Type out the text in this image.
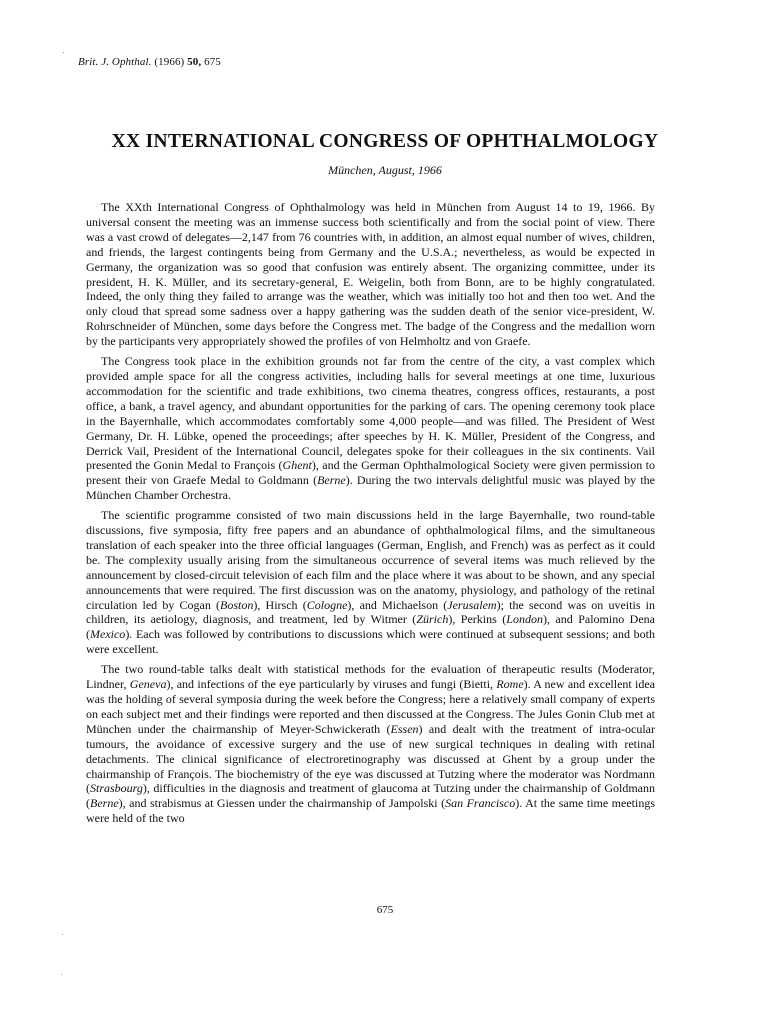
Brit. J. Ophthal. (1966) 50, 675
XX INTERNATIONAL CONGRESS OF OPHTHALMOLOGY
München, August, 1966

The XXth International Congress of Ophthalmology was held in München from August 14 to 19, 1966. By universal consent the meeting was an immense success both scientifically and from the social point of view. There was a vast crowd of delegates—2,147 from 76 countries with, in addition, an almost equal number of wives, children, and friends, the largest contingents being from Germany and the U.S.A.; nevertheless, as would be expected in Germany, the organization was so good that confusion was entirely absent. The organizing committee, under its president, H. K. Müller, and its secretary-general, E. Weigelin, both from Bonn, are to be highly congratulated. Indeed, the only thing they failed to arrange was the weather, which was initially too hot and then too wet. And the only cloud that spread some sadness over a happy gathering was the sudden death of the senior vice-president, W. Rohrschneider of München, some days before the Congress met. The badge of the Congress and the medallion worn by the participants very appropriately showed the profiles of von Helmholtz and von Graefe.

The Congress took place in the exhibition grounds not far from the centre of the city, a vast complex which provided ample space for all the congress activities, including halls for several meetings at one time, luxurious accommodation for the scientific and trade exhibitions, two cinema theatres, congress offices, restaurants, a post office, a bank, a travel agency, and abundant opportunities for the parking of cars. The opening ceremony took place in the Bayernhalle, which accommodates comfortably some 4,000 people—and was filled. The President of West Germany, Dr. H. Lübke, opened the proceedings; after speeches by H. K. Müller, President of the Congress, and Derrick Vail, President of the International Council, delegates spoke for their colleagues in the six continents. Vail presented the Gonin Medal to François (Ghent), and the German Ophthalmological Society were given permission to present their von Graefe Medal to Goldmann (Berne). During the two intervals delightful music was played by the München Chamber Orchestra.

The scientific programme consisted of two main discussions held in the large Bayernhalle, two round-table discussions, five symposia, fifty free papers and an abundance of ophthalmological films, and the simultaneous translation of each speaker into the three official languages (German, English, and French) was as perfect as it could be. The complexity usually arising from the simultaneous occurrence of several items was much relieved by the announcement by closed-circuit television of each film and the place where it was about to be shown, and any special announcements that were required. The first discussion was on the anatomy, physiology, and pathology of the retinal circulation led by Cogan (Boston), Hirsch (Cologne), and Michaelson (Jerusalem); the second was on uveitis in children, its aetiology, diagnosis, and treatment, led by Witmer (Zürich), Perkins (London), and Palomino Dena (Mexico). Each was followed by contributions to discussions which were continued at subsequent sessions; and both were excellent.

The two round-table talks dealt with statistical methods for the evaluation of therapeutic results (Moderator, Lindner, Geneva), and infections of the eye particularly by viruses and fungi (Bietti, Rome). A new and excellent idea was the holding of several symposia during the week before the Congress; here a relatively small company of experts on each subject met and their findings were reported and then discussed at the Congress. The Jules Gonin Club met at München under the chairmanship of Meyer-Schwickerath (Essen) and dealt with the treatment of intra-ocular tumours, the avoidance of excessive surgery and the use of new surgical techniques in dealing with retinal detachments. The clinical significance of electroretinography was discussed at Ghent by a group under the chairmanship of François. The biochemistry of the eye was discussed at Tutzing where the moderator was Nordmann (Strasbourg), difficulties in the diagnosis and treatment of glaucoma at Tutzing under the chairmanship of Goldmann (Berne), and strabismus at Giessen under the chairmanship of Jampolski (San Francisco). At the same time meetings were held of the two

675
